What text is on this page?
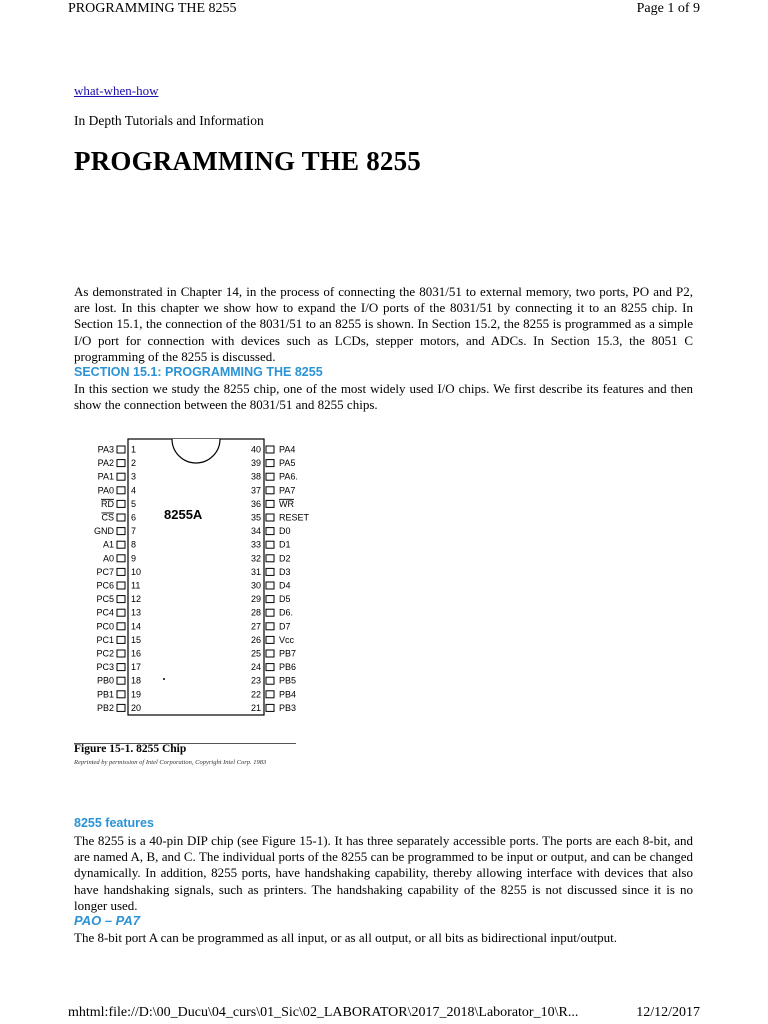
PROGRAMMING THE 8255	Page 1 of 9
what-when-how
In Depth Tutorials and Information
PROGRAMMING THE 8255

As demonstrated in Chapter 14, in the process of connecting the 8031/51 to external memory, two ports, PO and P2, are lost. In this chapter we show how to expand the I/O ports of the 8031/51 by connecting it to an 8255 chip. In Section 15.1, the connection of the 8031/51 to an 8255 is shown. In Section 15.2, the 8255 is programmed as a simple I/O port for connection with devices such as LCDs, stepper motors, and ADCs. In Section 15.3, the 8051 C programming of the 8255 is discussed.

SECTION 15.1: PROGRAMMING THE 8255

In this section we study the 8255 chip, one of the most widely used I/O chips. We first describe its features and then show the connection between the 8031/51 and 8255 chips.

8255A
PA3 1
PA2 2
PA1 3
PA0 4
RD 5
CS 6
GND 7
A1 8
A0 9
PC7 10
PC6 11
PC5 12
PC4 13
PC0 14
PC1 15
PC2 16
PC3 17
PB0 18
PB1 19
PB2 20
PA4
40
PA5
39
PA6.
38
PA7
37
WR
36
RESET
35
D0
34
D1
33
D2
32
D3
31
D4
30
D5
29
D6.
28
D7
27
Vcc
26
PB7
25
PB6
24
PB5
23
PB4
22
PB3
21
Figure 15-1. 8255 Chip
Reprinted by permission of Intel Corporation, Copyright Intel Corp. 1983
8255 features

The 8255 is a 40-pin DIP chip (see Figure 15-1). It has three separately accessible ports. The ports are each 8-bit, and are named A, B, and C. The individual ports of the 8255 can be programmed to be input or output, and can be changed dynamically. In addition, 8255 ports, have handshaking capability, thereby allowing interface with devices that also have handshaking signals, such as printers. The handshaking capability of the 8255 is not discussed since it is no longer used.

PAO – PA7

The 8-bit port A can be programmed as all input, or as all output, or all bits as bidirectional input/output.

mhtml:file://D:\00_Ducu\04_curs\01_Sic\02_LABORATOR\2017_2018\Laborator_10\R...	12/12/2017
